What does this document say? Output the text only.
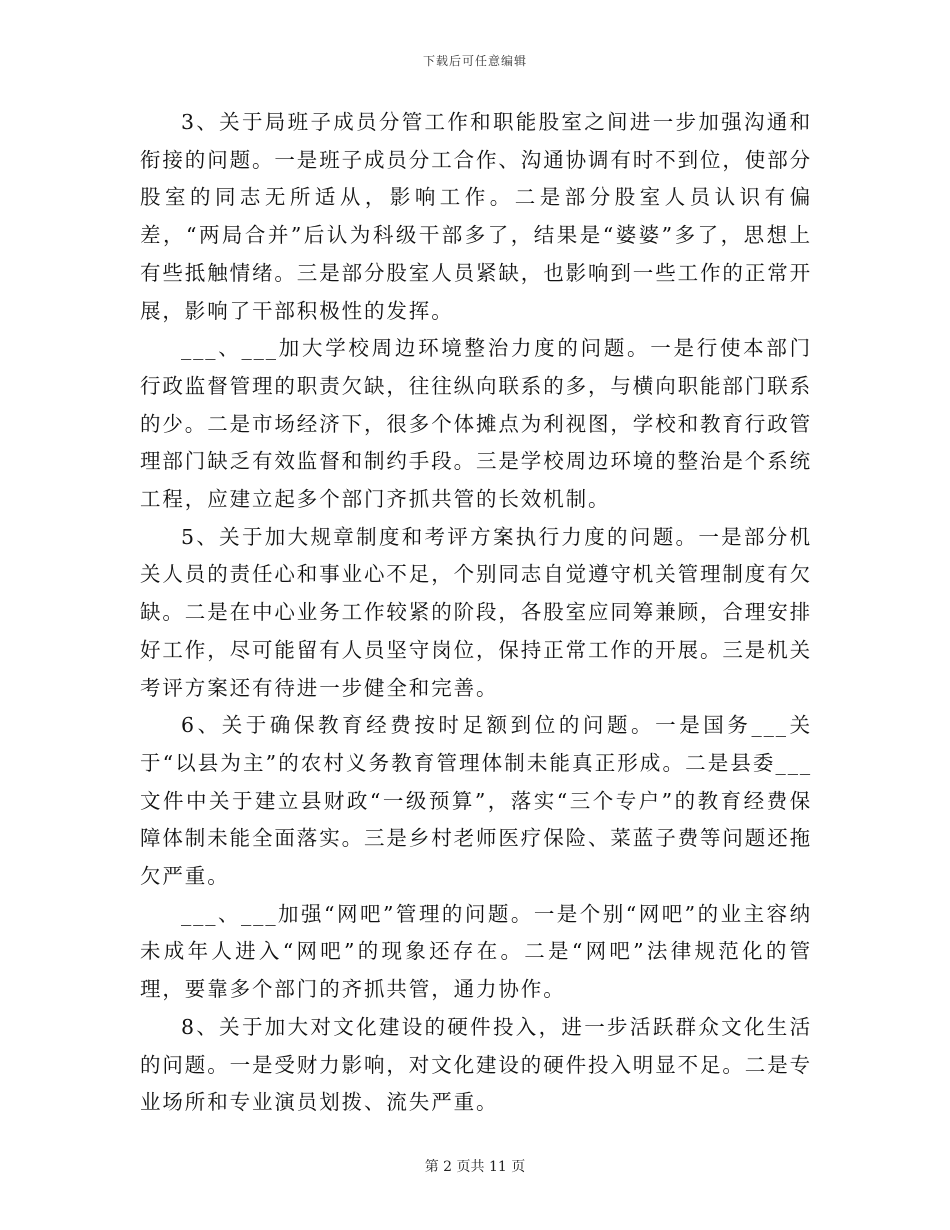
下载后可任意编辑

3、关于局班子成员分管工作和职能股室之间进一步加强沟通和衔接的问题。一是班子成员分工合作、沟通协调有时不到位，使部分股室的同志无所适从，影响工作。二是部分股室人员认识有偏差，“两局合并”后认为科级干部多了，结果是“婆婆”多了，思想上有些抵触情绪。三是部分股室人员紧缺，也影响到一些工作的正常开展，影响了干部积极性的发挥。

___、___加大学校周边环境整治力度的问题。一是行使本部门行政监督管理的职责欠缺，往往纵向联系的多，与横向职能部门联系的少。二是市场经济下，很多个体摊点为利视图，学校和教育行政管理部门缺乏有效监督和制约手段。三是学校周边环境的整治是个系统工程，应建立起多个部门齐抓共管的长效机制。

5、关于加大规章制度和考评方案执行力度的问题。一是部分机关人员的责任心和事业心不足，个别同志自觉遵守机关管理制度有欠缺。二是在中心业务工作较紧的阶段，各股室应同筹兼顾，合理安排好工作，尽可能留有人员坚守岗位，保持正常工作的开展。三是机关考评方案还有待进一步健全和完善。

6、关于确保教育经费按时足额到位的问题。一是国务___关于“以县为主”的农村义务教育管理体制未能真正形成。二是县委___文件中关于建立县财政“一级预算”，落实“三个专户”的教育经费保障体制未能全面落实。三是乡村老师医疗保险、菜蓝子费等问题还拖欠严重。

___、___加强“网吧”管理的问题。一是个别“网吧”的业主容纳未成年人进入“网吧”的现象还存在。二是“网吧”法律规范化的管理，要靠多个部门的齐抓共管，通力协作。

8、关于加大对文化建设的硬件投入，进一步活跃群众文化生活的问题。一是受财力影响，对文化建设的硬件投入明显不足。二是专业场所和专业演员划拨、流失严重。

第 2 页共 11 页
